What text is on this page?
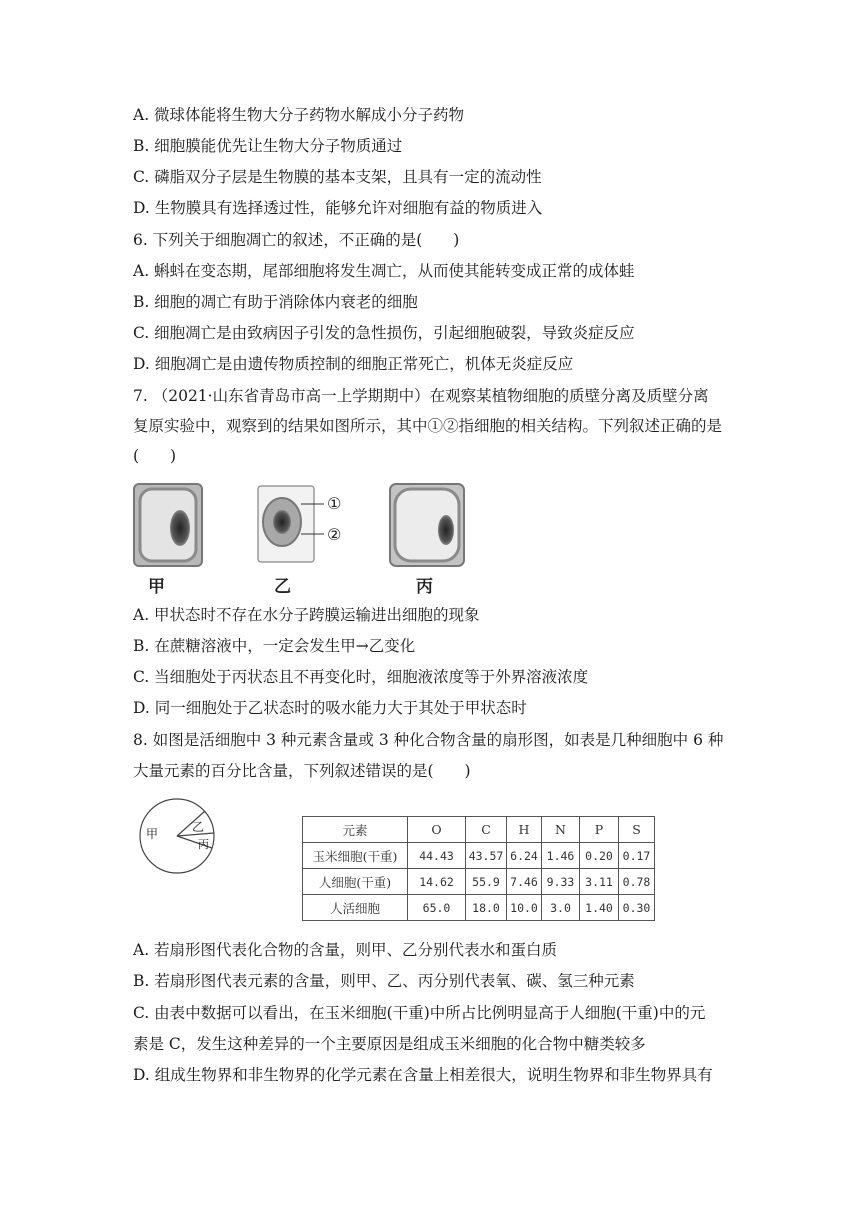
A. 微球体能将生物大分子药物水解成小分子药物
B. 细胞膜能优先让生物大分子物质通过
C. 磷脂双分子层是生物膜的基本支架，且具有一定的流动性
D. 生物膜具有选择透过性，能够允许对细胞有益的物质进入
6. 下列关于细胞凋亡的叙述，不正确的是(　　)
A. 蝌蚪在变态期，尾部细胞将发生凋亡，从而使其能转变成正常的成体蛙
B. 细胞的凋亡有助于消除体内衰老的细胞
C. 细胞凋亡是由致病因子引发的急性损伤，引起细胞破裂，导致炎症反应
D. 细胞凋亡是由遗传物质控制的细胞正常死亡，机体无炎症反应
7. （2021·山东省青岛市高一上学期期中）在观察某植物细胞的质壁分离及质壁分离
复原实验中，观察到的结果如图所示，其中①②指细胞的相关结构。下列叙述正确的是
(　　)
甲	乙	丙
①
②
A. 甲状态时不存在水分子跨膜运输进出细胞的现象
B. 在蔗糖溶液中，一定会发生甲→乙变化
C. 当细胞处于丙状态且不再变化时，细胞液浓度等于外界溶液浓度
D. 同一细胞处于乙状态时的吸水能力大于其处于甲状态时
8. 如图是活细胞中 3 种元素含量或 3 种化合物含量的扇形图，如表是几种细胞中 6 种
大量元素的百分比含量，下列叙述错误的是(　　)
甲	乙
丙
元素	O	C	H	N	P	S
玉米细胞(干重)	44.43	43.57	6.24	1.46	0.20	0.17
人细胞(干重)	14.62	55.9	7.46	9.33	3.11	0.78
人活细胞	65.0	18.0	10.0	3.0	1.40	0.30
A. 若扇形图代表化合物的含量，则甲、乙分别代表水和蛋白质
B. 若扇形图代表元素的含量，则甲、乙、丙分别代表氧、碳、氢三种元素
C. 由表中数据可以看出，在玉米细胞(干重)中所占比例明显高于人细胞(干重)中的元
素是 C，发生这种差异的一个主要原因是组成玉米细胞的化合物中糖类较多
D. 组成生物界和非生物界的化学元素在含量上相差很大，说明生物界和非生物界具有
